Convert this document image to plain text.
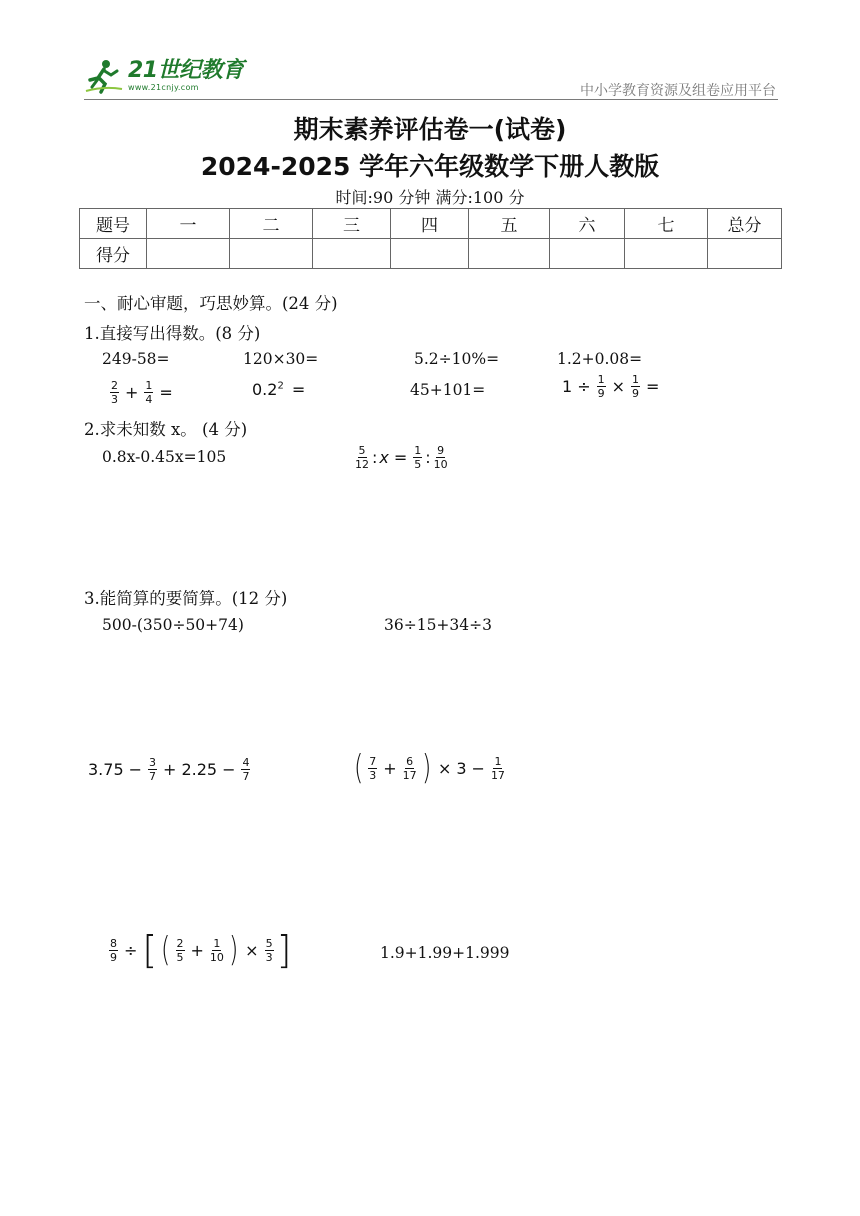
21世纪教育
www.21cnjy.com	中小学教育资源及组卷应用平台
期末素养评估卷一(试卷)
2024-2025 学年六年级数学下册人教版
时间:90 分钟 满分:100 分
题号	一	二	三	四	五	六	七	总分
得分								
一、耐心审题，巧思妙算。(24 分)
1.直接写出得数。(8 分)
249-58=	120×30=	5.2÷10%=	1.2+0.08=
$\frac{2}{3} + \frac{1}{4}$ =	$0.2^2$ =	45+101=	$1 \div \frac{1}{9} \times \frac{1}{9}$ =
2.求未知数 x。 (4 分)
0.8x-0.45x=105	$\frac{5}{12}$ : $x = \frac{1}{5}$ : $\frac{9}{10}$
3.能简算的要简算。(12 分)
500-(350÷50+74)	36÷15+34÷3
$3.75 - \frac{3}{7} + 2.25 - \frac{4}{7}$	( $\frac{7}{3} + \frac{6}{17}$ ) × $3 - \frac{1}{17}$
$\frac{8}{9}$ ÷ [ ( $\frac{2}{5} + \frac{1}{10}$ ) × $\frac{5}{3}$ ]	1.9+1.99+1.999
